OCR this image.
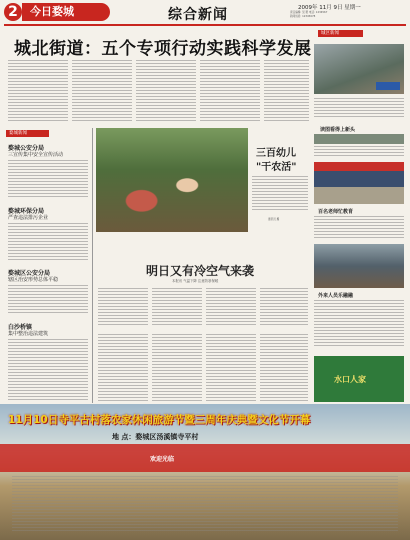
2	今日婺城	综合新闻	2009年 11月 9日 星期一
责任编辑: 吴 珺 电话: 1234567
新闻线索: 12345678
城北街道：五个专项行动实践科学发展
城区新闻
读图看得上新头
婺城新闻
婺城公安分局
三宣传集中安全宣传活动
婺城环保分局
严查违法排污企业
婺城区公安分局
辖区治安形势总体平稳
白沙桥镇
集中整治违法建筑
三百幼儿
"干农活"
通讯员 摄
百名老师忙教育
外来人员乐融融
明日又有冷空气来袭
本报讯 气温下降 注意防寒保暖
水口人家
11月10日寺平古村落农家休闲旅游节暨三周年庆典暨文化节开幕
地 点：婺城区汤溪镇寺平村
欢迎光临
